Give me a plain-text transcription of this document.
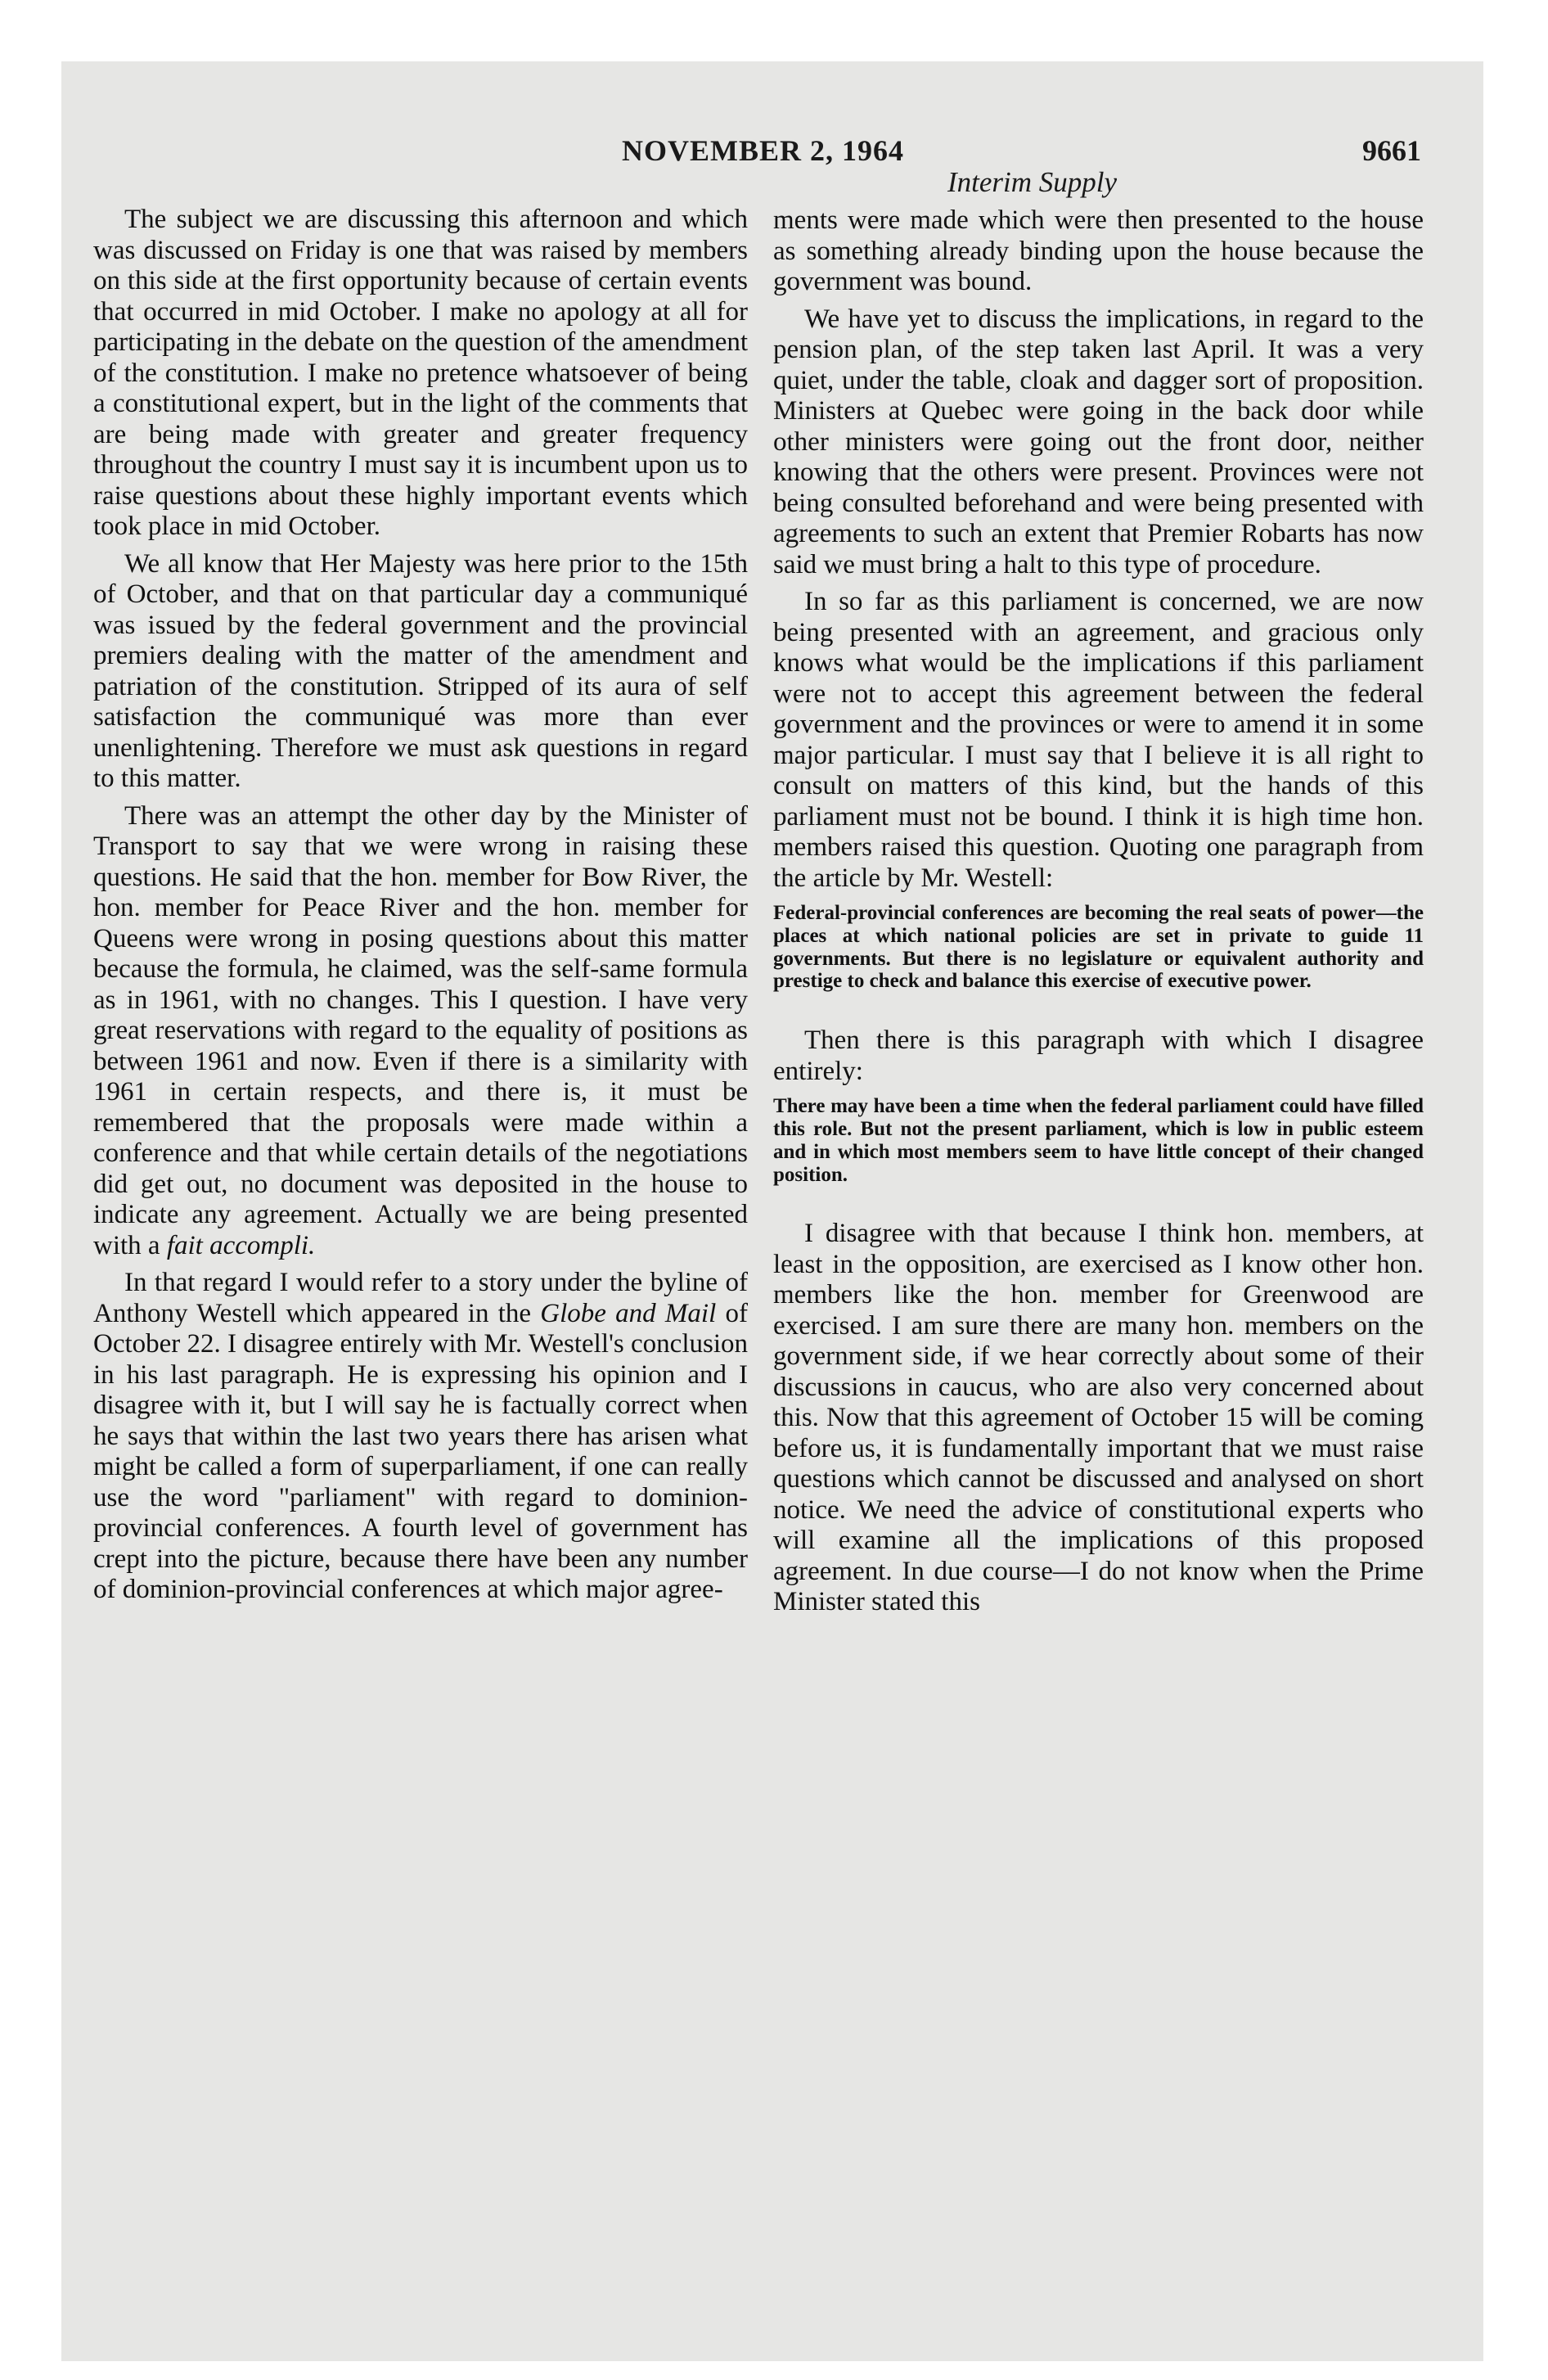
NOVEMBER 2, 1964	9661
Interim Supply

The subject we are discussing this afternoon and which was discussed on Friday is one that was raised by members on this side at the first opportunity because of certain events that occurred in mid October. I make no apology at all for participating in the debate on the question of the amendment of the constitution. I make no pretence whatsoever of being a constitutional expert, but in the light of the comments that are being made with greater and greater frequency throughout the country I must say it is incumbent upon us to raise questions about these highly important events which took place in mid October.

We all know that Her Majesty was here prior to the 15th of October, and that on that particular day a communiqué was issued by the federal government and the provincial premiers dealing with the matter of the amendment and patriation of the constitution. Stripped of its aura of self satisfaction the communiqué was more than ever unenlightening. Therefore we must ask questions in regard to this matter.

There was an attempt the other day by the Minister of Transport to say that we were wrong in raising these questions. He said that the hon. member for Bow River, the hon. member for Peace River and the hon. member for Queens were wrong in posing questions about this matter because the formula, he claimed, was the self-same formula as in 1961, with no changes. This I question. I have very great reservations with regard to the equality of positions as between 1961 and now. Even if there is a similarity with 1961 in certain respects, and there is, it must be remembered that the proposals were made within a conference and that while certain details of the negotiations did get out, no document was deposited in the house to indicate any agreement. Actually we are being presented with a fait accompli.

In that regard I would refer to a story under the byline of Anthony Westell which appeared in the Globe and Mail of October 22. I disagree entirely with Mr. Westell's conclusion in his last paragraph. He is expressing his opinion and I disagree with it, but I will say he is factually correct when he says that within the last two years there has arisen what might be called a form of superparliament, if one can really use the word "parliament" with regard to dominion-provincial conferences. A fourth level of government has crept into the picture, because there have been any number of dominion-provincial conferences at which major agree-

ments were made which were then presented to the house as something already binding upon the house because the government was bound.

We have yet to discuss the implications, in regard to the pension plan, of the step taken last April. It was a very quiet, under the table, cloak and dagger sort of proposition. Ministers at Quebec were going in the back door while other ministers were going out the front door, neither knowing that the others were present. Provinces were not being consulted beforehand and were being presented with agreements to such an extent that Premier Robarts has now said we must bring a halt to this type of procedure.

In so far as this parliament is concerned, we are now being presented with an agreement, and gracious only knows what would be the implications if this parliament were not to accept this agreement between the federal government and the provinces or were to amend it in some major particular. I must say that I believe it is all right to consult on matters of this kind, but the hands of this parliament must not be bound. I think it is high time hon. members raised this question. Quoting one paragraph from the article by Mr. Westell:

Federal-provincial conferences are becoming the real seats of power—the places at which national policies are set in private to guide 11 governments. But there is no legislature or equivalent authority and prestige to check and balance this exercise of executive power.

Then there is this paragraph with which I disagree entirely:

There may have been a time when the federal parliament could have filled this role. But not the present parliament, which is low in public esteem and in which most members seem to have little concept of their changed position.

I disagree with that because I think hon. members, at least in the opposition, are exercised as I know other hon. members like the hon. member for Greenwood are exercised. I am sure there are many hon. members on the government side, if we hear correctly about some of their discussions in caucus, who are also very concerned about this. Now that this agreement of October 15 will be coming before us, it is fundamentally important that we must raise questions which cannot be discussed and analysed on short notice. We need the advice of constitutional experts who will examine all the implications of this proposed agreement. In due course—I do not know when the Prime Minister stated this
